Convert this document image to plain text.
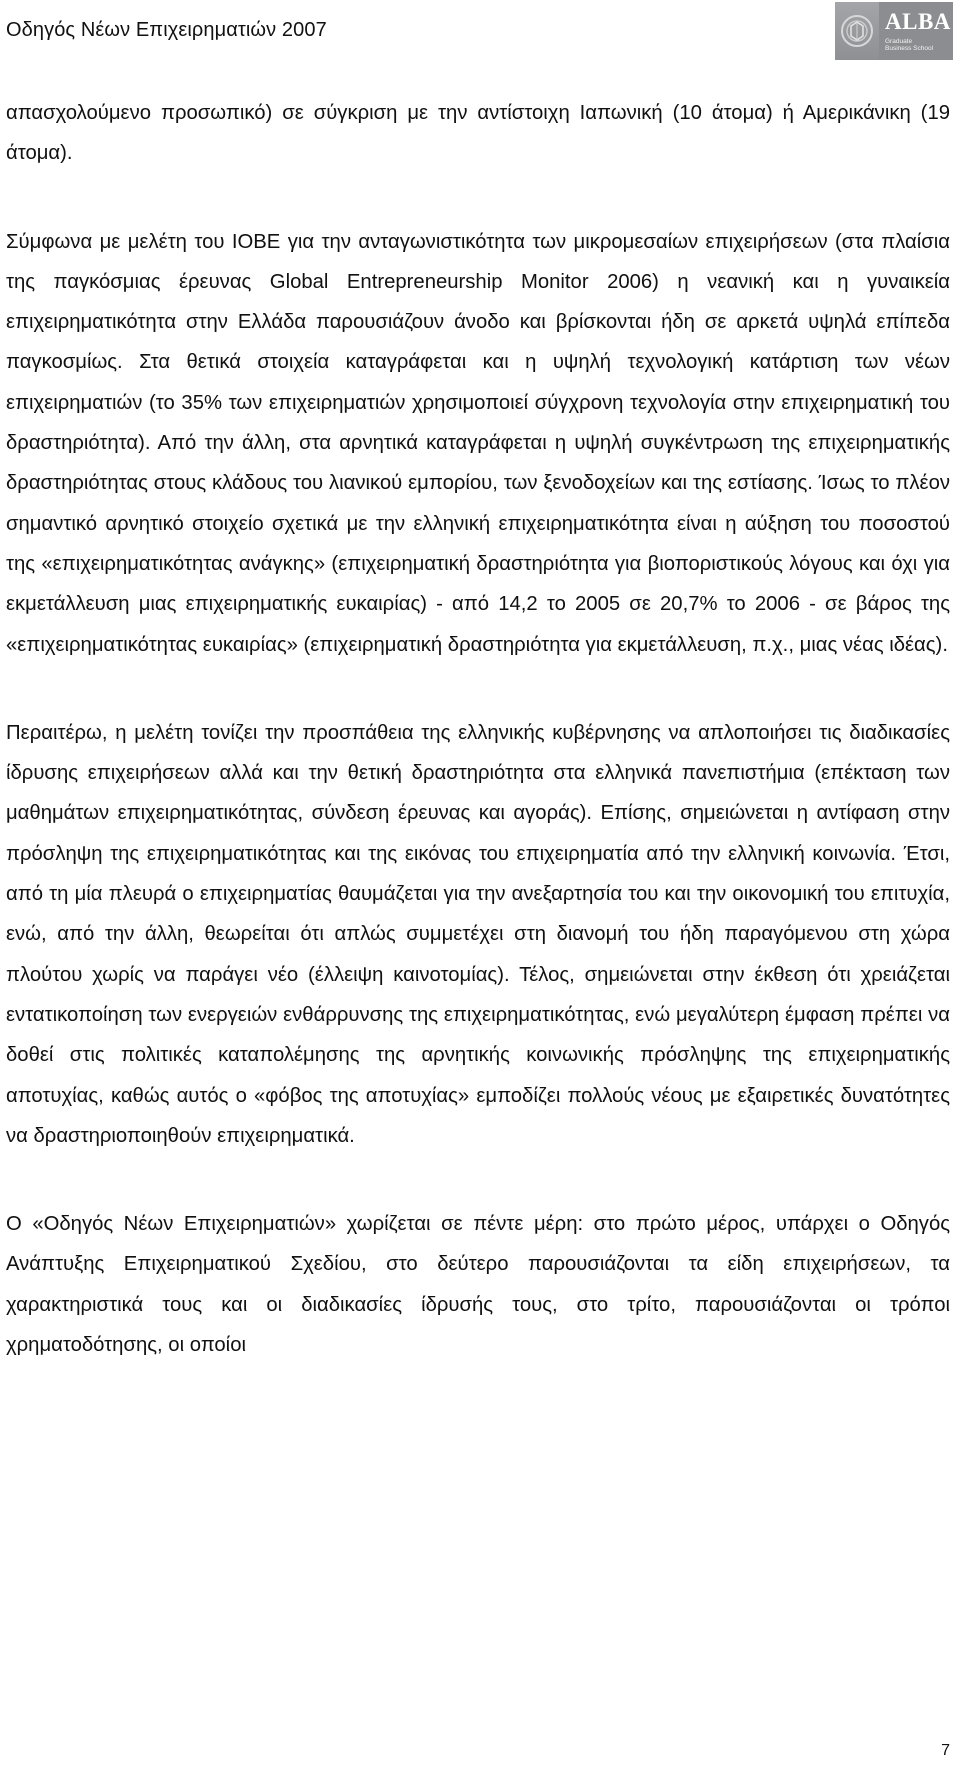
Οδηγός Νέων Επιχειρηματιών 2007	ALBA
Graduate
Business School

απασχολούμενο προσωπικό) σε σύγκριση με την αντίστοιχη Ιαπωνική (10 άτομα) ή Αμερικάνικη (19 άτομα).

Σύμφωνα με μελέτη του ΙΟΒΕ για την ανταγωνιστικότητα των μικρομεσαίων επιχειρήσεων (στα πλαίσια της παγκόσμιας έρευνας Global Entrepreneurship Monitor 2006) η νεανική και η γυναικεία επιχειρηματικότητα στην Ελλάδα παρουσιάζουν άνοδο και βρίσκονται ήδη σε αρκετά υψηλά επίπεδα παγκοσμίως. Στα θετικά στοιχεία καταγράφεται και η υψηλή τεχνολογική κατάρτιση των νέων επιχειρηματιών (το 35% των επιχειρηματιών χρησιμοποιεί σύγχρονη τεχνολογία στην επιχειρηματική του δραστηριότητα). Από την άλλη, στα αρνητικά καταγράφεται η υψηλή συγκέντρωση της επιχειρηματικής δραστηριότητας στους κλάδους του λιανικού εμπορίου, των ξενοδοχείων και της εστίασης. Ίσως το πλέον σημαντικό αρνητικό στοιχείο σχετικά με την ελληνική επιχειρηματικότητα είναι η αύξηση του ποσοστού της «επιχειρηματικότητας ανάγκης» (επιχειρηματική δραστηριότητα για βιοποριστικούς λόγους και όχι για εκμετάλλευση μιας επιχειρηματικής ευκαιρίας) - από 14,2 το 2005 σε 20,7% το 2006 - σε βάρος της «επιχειρηματικότητας ευκαιρίας» (επιχειρηματική δραστηριότητα για εκμετάλλευση, π.χ., μιας νέας ιδέας).

Περαιτέρω, η μελέτη τονίζει την προσπάθεια της ελληνικής κυβέρνησης να απλοποιήσει τις διαδικασίες ίδρυσης επιχειρήσεων αλλά και την θετική δραστηριότητα στα ελληνικά πανεπιστήμια (επέκταση των μαθημάτων επιχειρηματικότητας, σύνδεση έρευνας και αγοράς). Επίσης, σημειώνεται η αντίφαση στην πρόσληψη της επιχειρηματικότητας και της εικόνας του επιχειρηματία από την ελληνική κοινωνία. Έτσι, από τη μία πλευρά ο επιχειρηματίας θαυμάζεται για την ανεξαρτησία του και την οικονομική του επιτυχία, ενώ, από την άλλη, θεωρείται ότι απλώς συμμετέχει στη διανομή του ήδη παραγόμενου στη χώρα πλούτου χωρίς να παράγει νέο (έλλειψη καινοτομίας). Τέλος, σημειώνεται στην έκθεση ότι χρειάζεται εντατικοποίηση των ενεργειών ενθάρρυνσης της επιχειρηματικότητας, ενώ μεγαλύτερη έμφαση πρέπει να δοθεί στις πολιτικές καταπολέμησης της αρνητικής κοινωνικής πρόσληψης της επιχειρηματικής αποτυχίας, καθώς αυτός ο «φόβος της αποτυχίας» εμποδίζει πολλούς νέους με εξαιρετικές δυνατότητες να δραστηριοποιηθούν επιχειρηματικά.

Ο «Οδηγός Νέων Επιχειρηματιών» χωρίζεται σε πέντε μέρη: στο πρώτο μέρος, υπάρχει ο Οδηγός Ανάπτυξης Επιχειρηματικού Σχεδίου, στο δεύτερο παρουσιάζονται τα είδη επιχειρήσεων, τα χαρακτηριστικά τους και οι διαδικασίες ίδρυσής τους, στο τρίτο, παρουσιάζονται οι τρόποι χρηματοδότησης, οι οποίοι

7
